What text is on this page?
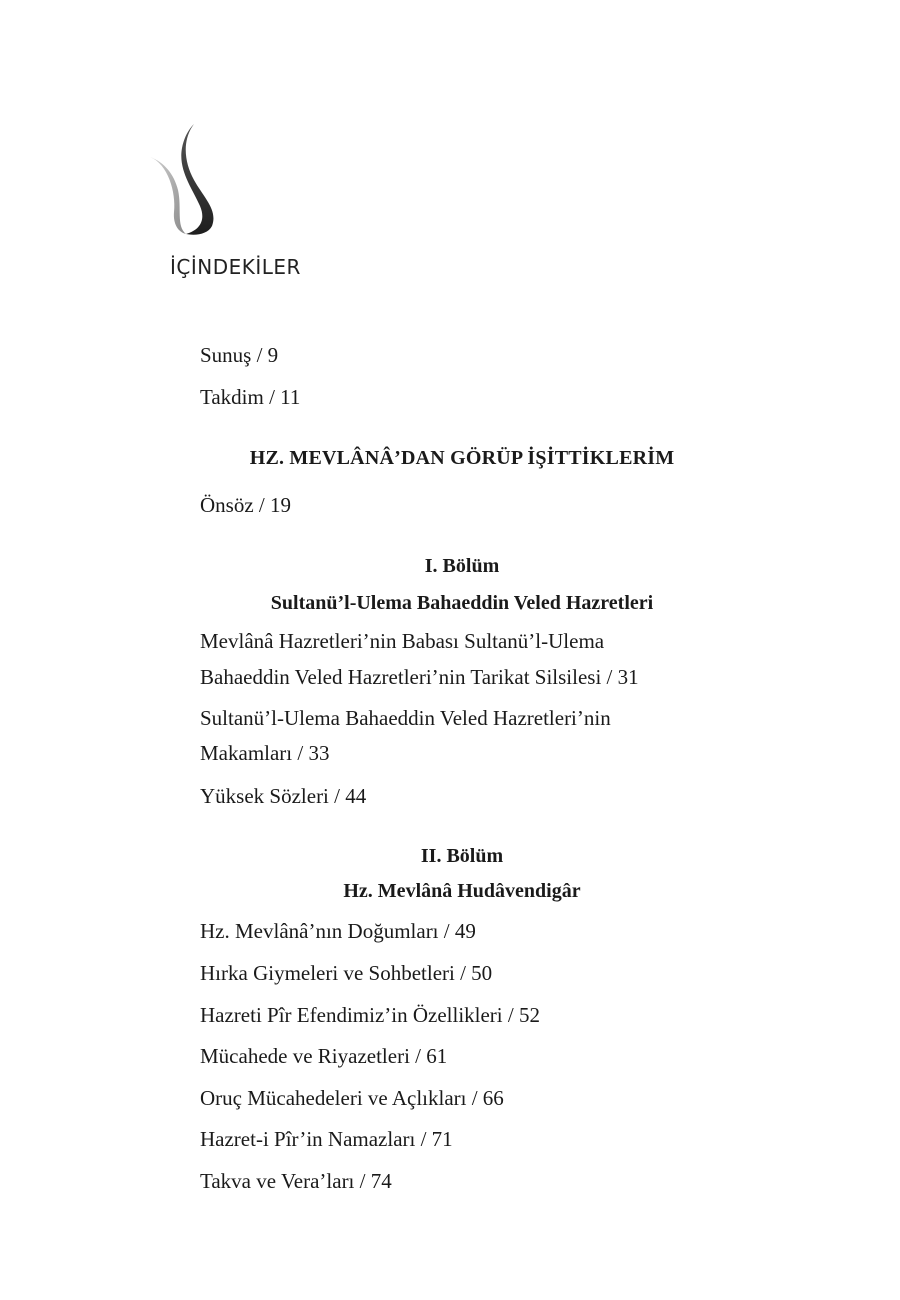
İÇİNDEKİLER

Sunuş / 9

Takdim / 11

HZ. MEVLÂNÂ’DAN GÖRÜP İŞİTTİKLERİM

Önsöz / 19

I. Bölüm
Sultanü’l-Ulema Bahaeddin Veled Hazretleri

Mevlânâ Hazretleri’nin Babası Sultanü’l-Ulema

Bahaeddin Veled Hazretleri’nin Tarikat Silsilesi / 31

Sultanü’l-Ulema Bahaeddin Veled Hazretleri’nin

Makamları / 33

Yüksek Sözleri / 44

II. Bölüm
Hz. Mevlânâ Hudâvendigâr

Hz. Mevlânâ’nın Doğumları / 49

Hırka Giymeleri ve Sohbetleri / 50

Hazreti Pîr Efendimiz’in Özellikleri / 52

Mücahede ve Riyazetleri / 61

Oruç Mücahedeleri ve Açlıkları / 66

Hazret-i Pîr’in Namazları / 71

Takva ve Vera’ları / 74
